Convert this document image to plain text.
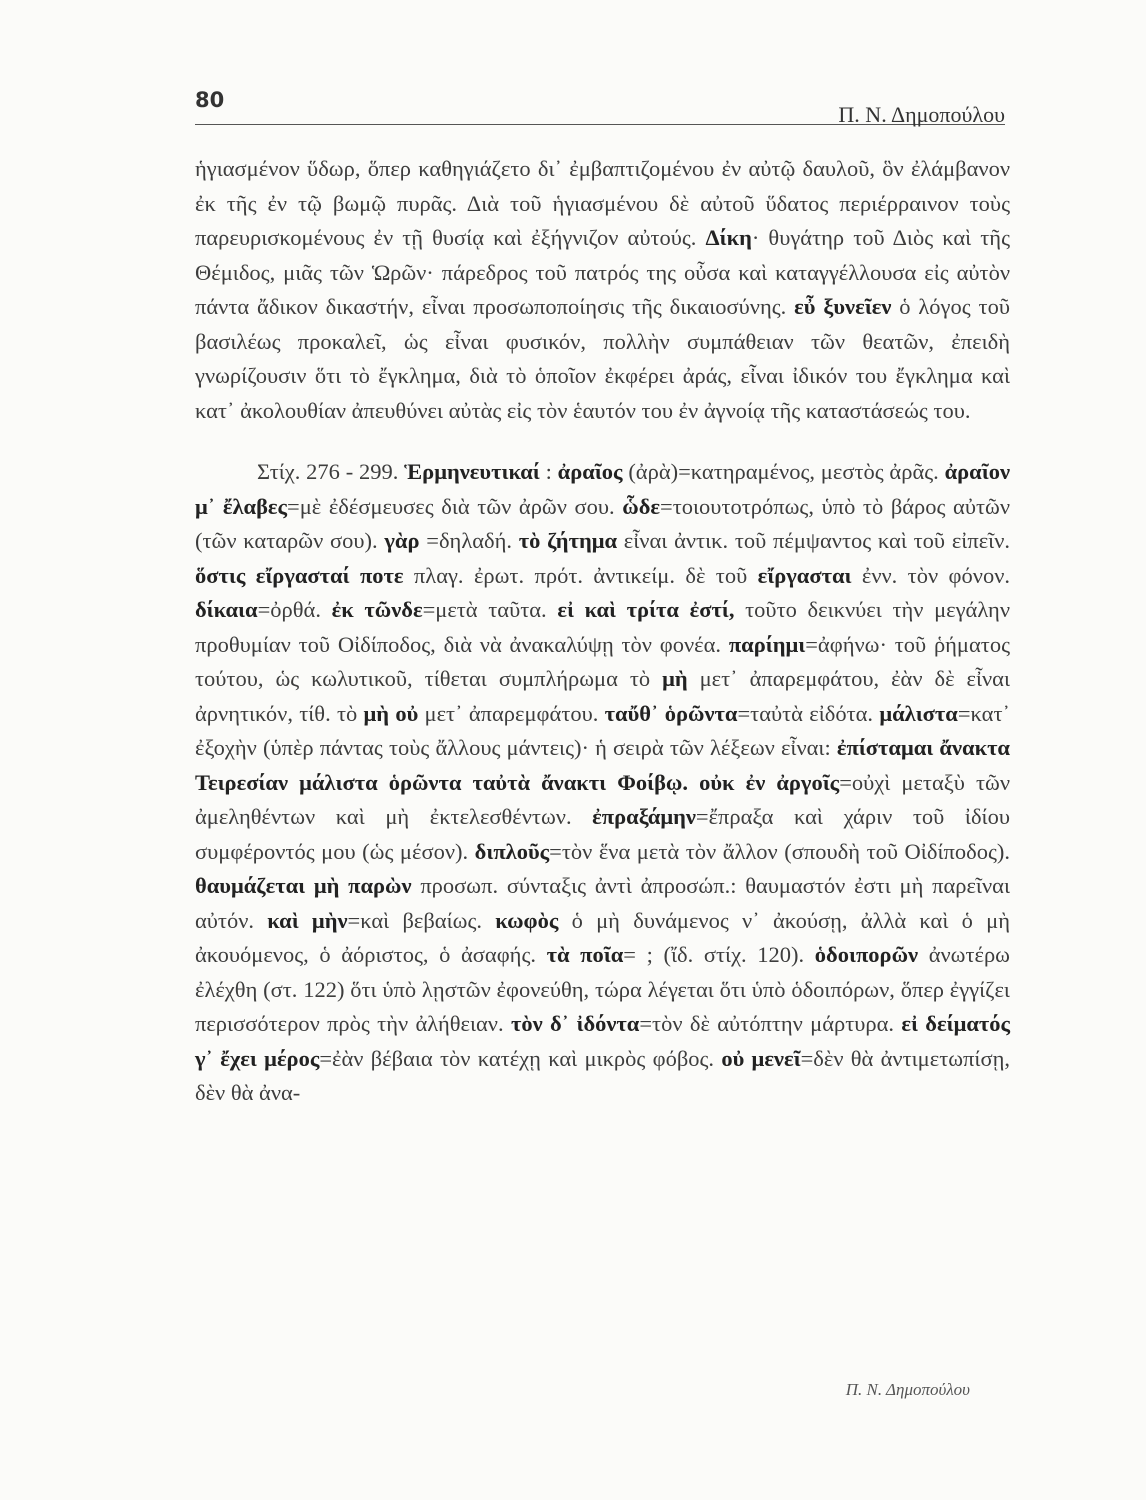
80
Π. Ν. Δημοπούλου

ἡγιασμένον ὕδωρ, ὅπερ καθηγιάζετο δι᾽ ἐμβαπτιζομένου ἐν αὐτῷ δαυλοῦ, ὃν ἐλάμβανον ἐκ τῆς ἐν τῷ βωμῷ πυρᾶς. Διὰ τοῦ ἡγιασμένου δὲ αὐτοῦ ὕδατος περιέρραινον τοὺς παρευρισκομένους ἐν τῇ θυσίᾳ καὶ ἐξήγνιζον αὐτούς. Δίκη· θυγάτηρ τοῦ Διὸς καὶ τῆς Θέμιδος, μιᾶς τῶν Ὡρῶν· πάρεδρος τοῦ πατρός της οὖσα καὶ καταγγέλλουσα εἰς αὐτὸν πάντα ἄδικον δικαστήν, εἶναι προσωποποίησις τῆς δικαιοσύνης. εὖ ξυνεῖεν ὁ λόγος τοῦ βασιλέως προκαλεῖ, ὡς εἶναι φυσικόν, πολλὴν συμπάθειαν τῶν θεατῶν, ἐπειδὴ γνωρίζουσιν ὅτι τὸ ἔγκλημα, διὰ τὸ ὁποῖον ἐκφέρει ἀράς, εἶναι ἰδικόν του ἔγκλημα καὶ κατ᾽ ἀκολουθίαν ἀπευθύνει αὐτὰς εἰς τὸν ἑαυτόν του ἐν ἀγνοίᾳ τῆς καταστάσεώς του.

Στίχ. 276 - 299. Ἑρμηνευτικαί : ἀραῖος (ἀρὰ)=κατηραμένος, μεστὸς ἀρᾶς. ἀραῖον μ᾽ ἔλαβες=μὲ ἐδέσμευσες διὰ τῶν ἀρῶν σου. ὧδε=τοιουτοτρόπως, ὑπὸ τὸ βάρος αὐτῶν (τῶν καταρῶν σου). γὰρ =δηλαδή. τὸ ζήτημα εἶναι ἀντικ. τοῦ πέμψαντος καὶ τοῦ εἰπεῖν. ὅστις εἴργασταί ποτε πλαγ. ἐρωτ. πρότ. ἀντικείμ. δὲ τοῦ εἴργασται ἐνν. τὸν φόνον. δίκαια=ὀρθά. ἐκ τῶνδε=μετὰ ταῦτα. εἰ καὶ τρίτα ἐστί, τοῦτο δεικνύει τὴν μεγάλην προθυμίαν τοῦ Οἰδίποδος, διὰ νὰ ἀνακαλύψῃ τὸν φονέα. παρίημι=ἀφήνω· τοῦ ῥήματος τούτου, ὡς κωλυτικοῦ, τίθεται συμπλήρωμα τὸ μὴ μετ᾽ ἀπαρεμφάτου, ἐὰν δὲ εἶναι ἀρνητικόν, τίθ. τὸ μὴ οὐ μετ᾽ ἀπαρεμφάτου. ταὔθ᾽ ὁρῶντα=ταὐτὰ εἰδότα. μάλιστα=κατ᾽ ἐξοχὴν (ὑπὲρ πάντας τοὺς ἄλλους μάντεις)· ἡ σειρὰ τῶν λέξεων εἶναι: ἐπίσταμαι ἄνακτα Τειρεσίαν μάλιστα ὁρῶντα ταὐτὰ ἄνακτι Φοίβῳ. οὐκ ἐν ἀργοῖς=οὐχὶ μεταξὺ τῶν ἀμεληθέντων καὶ μὴ ἐκτελεσθέντων. ἐπραξάμην=ἔπραξα καὶ χάριν τοῦ ἰδίου συμφέροντός μου (ὡς μέσον). διπλοῦς=τὸν ἕνα μετὰ τὸν ἄλλον (σπουδὴ τοῦ Οἰδίποδος). θαυμάζεται μὴ παρὼν προσωπ. σύνταξις ἀντὶ ἀπροσώπ.: θαυμαστόν ἐστι μὴ παρεῖναι αὐτόν. καὶ μὴν=καὶ βεβαίως. κωφὸς ὁ μὴ δυνάμενος ν᾽ ἀκούσῃ, ἀλλὰ καὶ ὁ μὴ ἀκουόμενος, ὁ ἀόριστος, ὁ ἀσαφής. τὰ ποῖα= ; (ἴδ. στίχ. 120). ὁδοιπορῶν ἀνωτέρω ἐλέχθη (στ. 122) ὅτι ὑπὸ λῃστῶν ἐφονεύθη, τώρα λέγεται ὅτι ὑπὸ ὁδοιπόρων, ὅπερ ἐγγίζει περισσότερον πρὸς τὴν ἀλήθειαν. τὸν δ᾽ ἰδόντα=τὸν δὲ αὐτόπτην μάρτυρα. εἰ δείματός γ᾽ ἔχει μέρος=ἐὰν βέβαια τὸν κατέχῃ καὶ μικρὸς φόβος. οὐ μενεῖ=δὲν θὰ ἀντιμετωπίσῃ, δὲν θὰ ἀνα-

Π. Ν. Δημοπούλου
